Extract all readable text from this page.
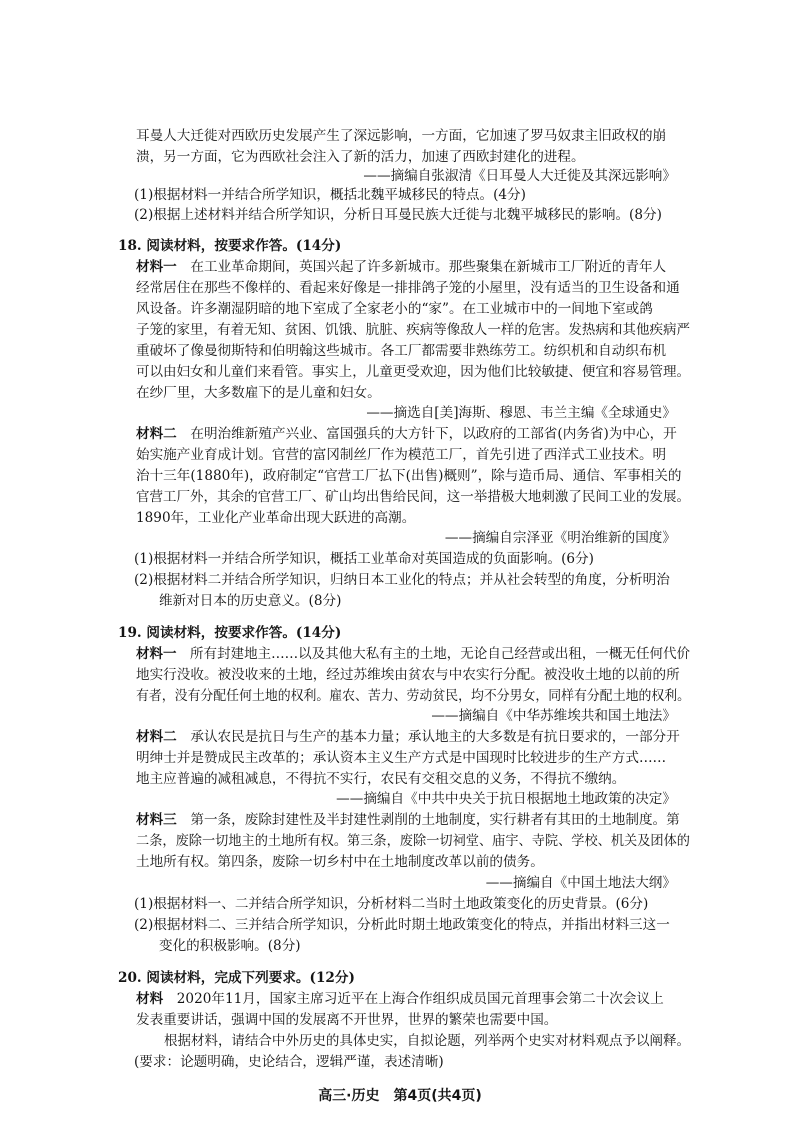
耳曼人大迁徙对西欧历史发展产生了深远影响，一方面，它加速了罗马奴隶主旧政权的崩

溃，另一方面，它为西欧社会注入了新的活力，加速了西欧封建化的进程。

——摘编自张淑清《日耳曼人大迁徙及其深远影响》

(1)根据材料一并结合所学知识，概括北魏平城移民的特点。(4分)

(2)根据上述材料并结合所学知识，分析日耳曼民族大迁徙与北魏平城移民的影响。(8分)

18. 阅读材料，按要求作答。(14分)

材料一　 在工业革命期间，英国兴起了许多新城市。那些聚集在新城市工厂附近的青年人

经常居住在那些不像样的、看起来好像是一排排鸽子笼的小屋里，没有适当的卫生设备和通

风设备。许多潮湿阴暗的地下室成了全家老小的“家”。在工业城市中的一间地下室或鸽

子笼的家里，有着无知、贫困、饥饿、肮脏、疾病等像敌人一样的危害。发热病和其他疾病严

重破坏了像曼彻斯特和伯明翰这些城市。各工厂都需要非熟练劳工。纺织机和自动织布机

可以由妇女和儿童们来看管。事实上，儿童更受欢迎，因为他们比较敏捷、便宜和容易管理。

在纱厂里，大多数雇下的是儿童和妇女。

——摘选自[美]海斯、穆恩、韦兰主编《全球通史》

材料二　 在明治维新殖产兴业、富国强兵的大方针下，以政府的工部省(内务省)为中心，开

始实施产业育成计划。官营的富冈制丝厂作为模范工厂，首先引进了西洋式工业技术。明

治十三年(1880年)，政府制定“官营工厂払下(出售)概则”，除与造币局、通信、军事相关的

官营工厂外，其余的官营工厂、矿山均出售给民间，这一举措极大地刺激了民间工业的发展。

1890年，工业化产业革命出现大跃进的高潮。

——摘编自宗泽亚《明治维新的国度》

(1)根据材料一并结合所学知识，概括工业革命对英国造成的负面影响。(6分)

(2)根据材料二并结合所学知识，归纳日本工业化的特点；并从社会转型的角度，分析明治

维新对日本的历史意义。(8分)

19. 阅读材料，按要求作答。(14分)

材料一　 所有封建地主……以及其他大私有主的土地，无论自己经营或出租，一概无任何代价

地实行没收。被没收来的土地，经过苏维埃由贫农与中农实行分配。被没收土地的以前的所

有者，没有分配任何土地的权利。雇农、苦力、劳动贫民，均不分男女，同样有分配土地的权利。

——摘编自《中华苏维埃共和国土地法》

材料二　 承认农民是抗日与生产的基本力量；承认地主的大多数是有抗日要求的，一部分开

明绅士并是赞成民主改革的；承认资本主义生产方式是中国现时比较进步的生产方式……

地主应普遍的减租减息，不得抗不实行，农民有交租交息的义务，不得抗不缴纳。

——摘编自《中共中央关于抗日根据地土地政策的决定》

材料三　 第一条，废除封建性及半封建性剥削的土地制度，实行耕者有其田的土地制度。第

二条，废除一切地主的土地所有权。第三条，废除一切祠堂、庙宇、寺院、学校、机关及团体的

土地所有权。第四条，废除一切乡村中在土地制度改革以前的债务。

——摘编自《中国土地法大纲》

(1)根据材料一、二并结合所学知识，分析材料二当时土地政策变化的历史背景。(6分)

(2)根据材料二、三并结合所学知识，分析此时期土地政策变化的特点，并指出材料三这一

变化的积极影响。(8分)

20. 阅读材料，完成下列要求。(12分)

材料　 2020年11月，国家主席习近平在上海合作组织成员国元首理事会第二十次会议上

发表重要讲话，强调中国的发展离不开世界，世界的繁荣也需要中国。

根据材料，请结合中外历史的具体史实，自拟论题，列举两个史实对材料观点予以阐释。

(要求：论题明确，史论结合，逻辑严谨，表述清晰)

高三·历史　第4页(共4页)
